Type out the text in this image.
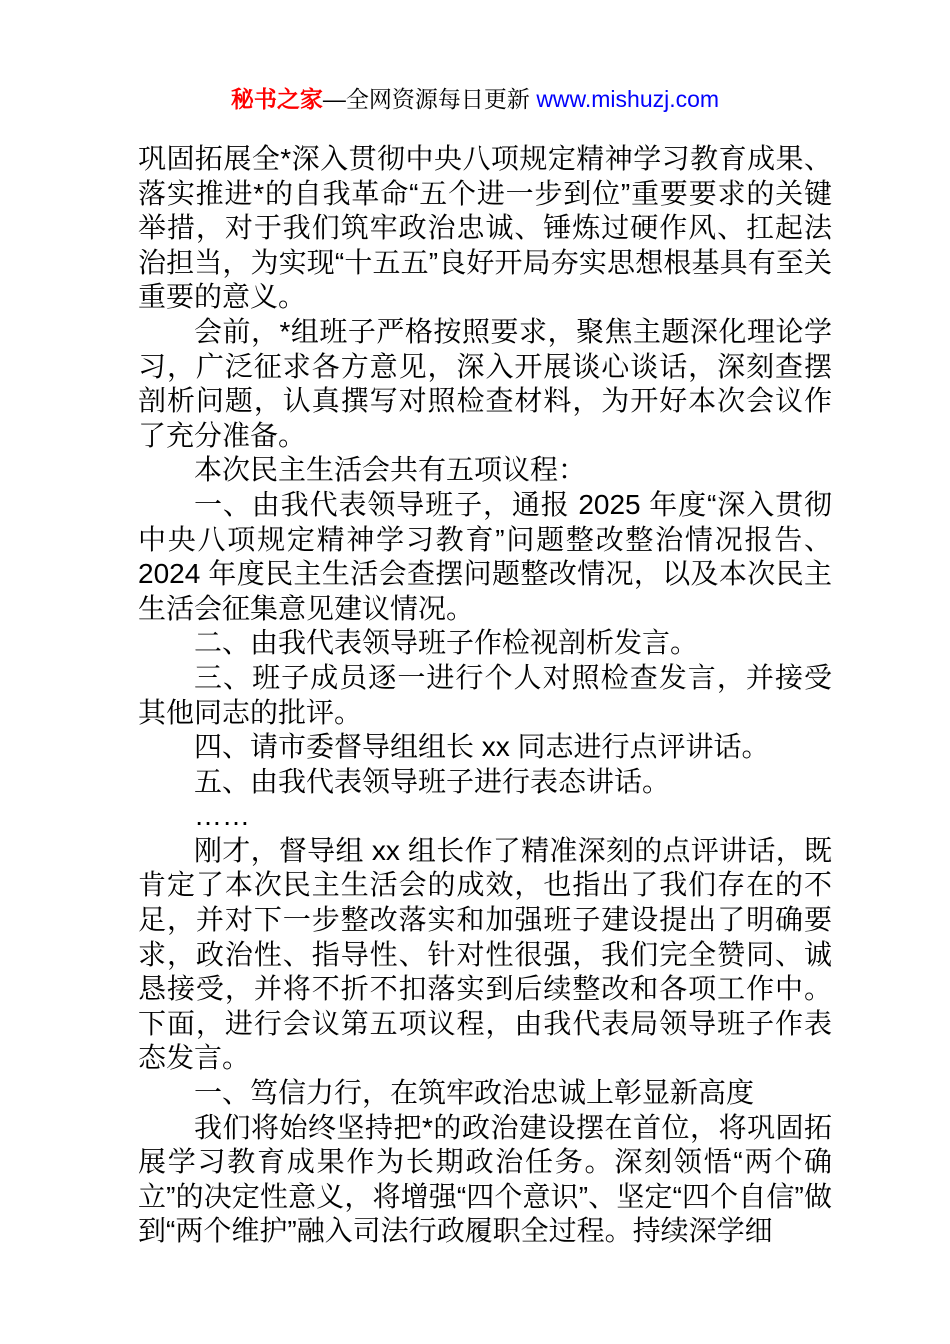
秘书之家—全网资源每日更新 www.mishuzj.com

巩固拓展全*深入贯彻中央八项规定精神学习教育成果、落实推进*的自我革命“五个进一步到位”重要要求的关键举措，对于我们筑牢政治忠诚、锤炼过硬作风、扛起法治担当，为实现“十五五”良好开局夯实思想根基具有至关重要的意义。

会前，*组班子严格按照要求，聚焦主题深化理论学习，广泛征求各方意见，深入开展谈心谈话，深刻查摆剖析问题，认真撰写对照检查材料，为开好本次会议作了充分准备。

本次民主生活会共有五项议程：

一、由我代表领导班子，通报 2025 年度“深入贯彻中央八项规定精神学习教育”问题整改整治情况报告、2024 年度民主生活会查摆问题整改情况，以及本次民主生活会征集意见建议情况。

二、由我代表领导班子作检视剖析发言。

三、班子成员逐一进行个人对照检查发言，并接受其他同志的批评。

四、请市委督导组组长 xx 同志进行点评讲话。

五、由我代表领导班子进行表态讲话。

……

刚才，督导组 xx 组长作了精准深刻的点评讲话，既肯定了本次民主生活会的成效，也指出了我们存在的不足，并对下一步整改落实和加强班子建设提出了明确要求，政治性、指导性、针对性很强，我们完全赞同、诚恳接受，并将不折不扣落实到后续整改和各项工作中。下面，进行会议第五项议程，由我代表局领导班子作表态发言。

一、笃信力行，在筑牢政治忠诚上彰显新高度

我们将始终坚持把*的政治建设摆在首位，将巩固拓展学习教育成果作为长期政治任务。深刻领悟“两个确立”的决定性意义，将增强“四个意识”、坚定“四个自信”做到“两个维护”融入司法行政履职全过程。持续深学细
